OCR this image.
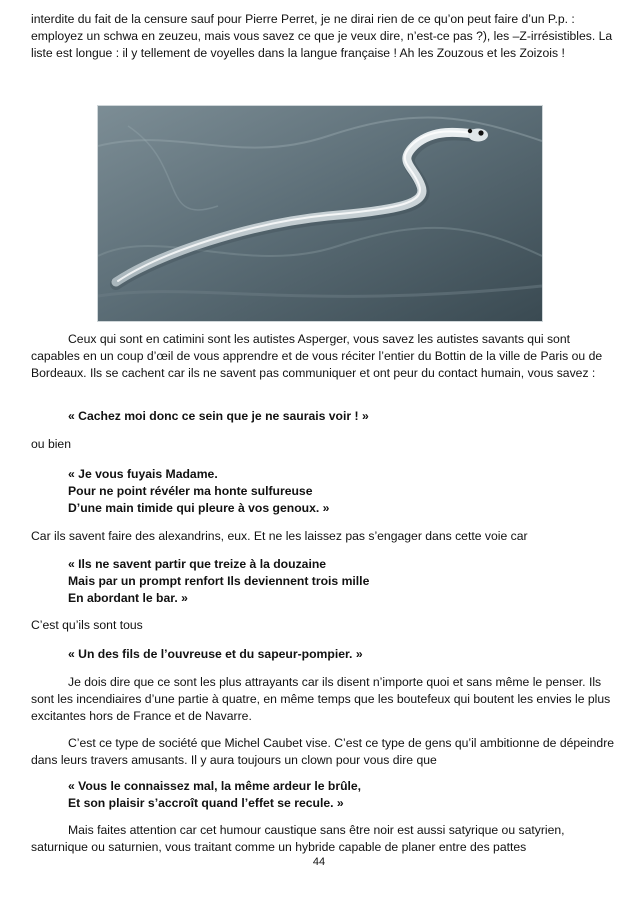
interdite du fait de la censure sauf pour Pierre Perret, je ne dirai rien de ce qu’on peut faire d’un P.p. : employez un schwa en zeuzeu, mais vous savez ce que je veux dire, n’est-ce pas ?), les –Z-irrésistibles. La liste est longue : il y tellement de voyelles dans la langue française ! Ah les Zouzous et les Zoizois !

Ceux qui sont en catimini sont les autistes Asperger, vous savez les autistes savants qui sont capables en un coup d’œil de vous apprendre et de vous réciter l’entier du Bottin de la ville de Paris ou de Bordeaux. Ils se cachent car ils ne savent pas communiquer et ont peur du contact humain, vous savez :

« Cachez moi donc ce sein que je ne saurais voir ! »

ou bien

« Je vous fuyais Madame.
Pour ne point révéler ma honte sulfureuse
D’une main timide qui pleure à vos genoux. »

Car ils savent faire des alexandrins, eux. Et ne les laissez pas s’engager dans cette voie car

« Ils ne savent partir que treize à la douzaine
Mais par un prompt renfort Ils deviennent trois mille
En abordant le bar. »

C’est qu’ils sont tous

« Un des fils de l’ouvreuse et du sapeur-pompier. »

Je dois dire que ce sont les plus attrayants car ils disent n’importe quoi et sans même le penser. Ils sont les incendiaires d’une partie à quatre, en même temps que les boutefeux qui boutent les envies le plus excitantes hors de France et de Navarre.

C’est ce type de société que Michel Caubet vise. C’est ce type de gens qu’il ambitionne de dépeindre dans leurs travers amusants. Il y aura toujours un clown pour vous dire que

« Vous le connaissez mal, la même ardeur le brûle,
Et son plaisir s’accroît quand l’effet se recule. »

Mais faites attention car cet humour caustique sans être noir est aussi satyrique ou satyrien, saturnique ou saturnien, vous traitant comme un hybride capable de planer entre des pattes

44
